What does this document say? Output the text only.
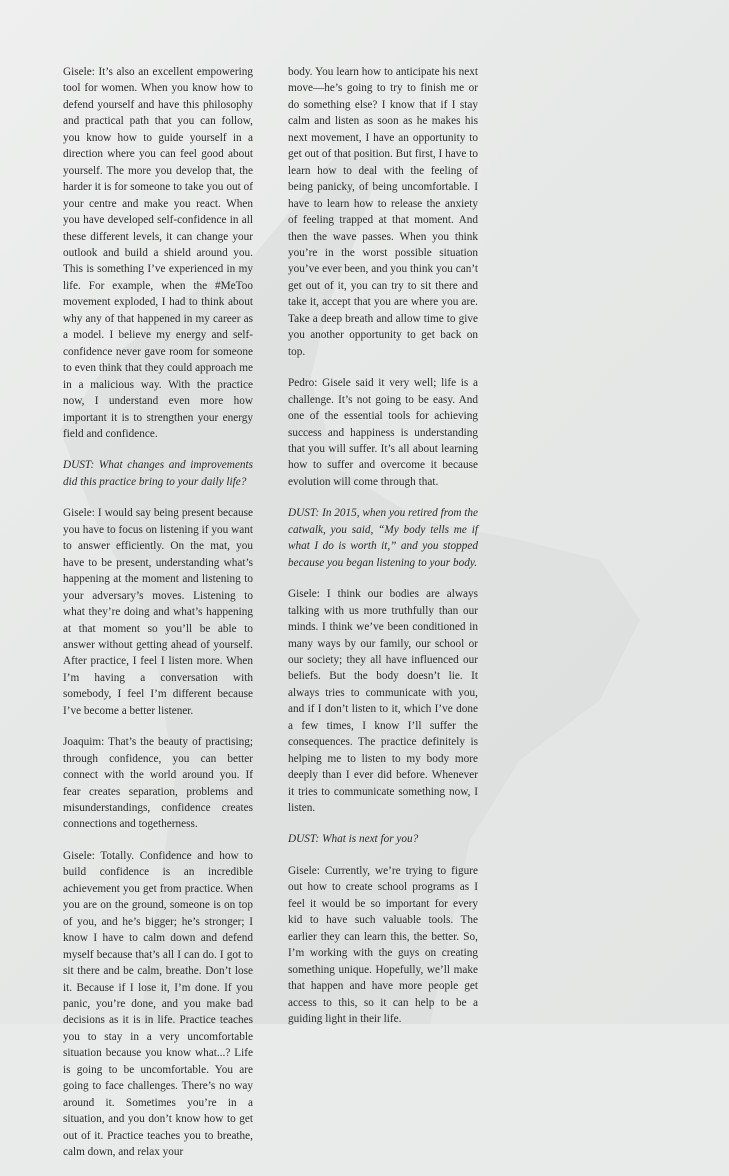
Gisele: It’s also an excellent empowering tool for women. When you know how to defend yourself and have this philosophy and practical path that you can follow, you know how to guide yourself in a direction where you can feel good about yourself. The more you develop that, the harder it is for someone to take you out of your centre and make you react. When you have developed self-confidence in all these different levels, it can change your outlook and build a shield around you. This is something I’ve experienced in my life. For example, when the #MeToo movement exploded, I had to think about why any of that happened in my career as a model. I believe my energy and self-confidence never gave room for someone to even think that they could approach me in a malicious way. With the practice now, I understand even more how important it is to strengthen your energy field and confidence.

DUST: What changes and improvements did this practice bring to your daily life?

Gisele: I would say being present because you have to focus on listening if you want to answer efficiently. On the mat, you have to be present, understanding what’s happening at the moment and listening to your adversary’s moves. Listening to what they’re doing and what’s happening at that moment so you’ll be able to answer without getting ahead of yourself. After practice, I feel I listen more. When I’m having a conversation with somebody, I feel I’m different because I’ve become a better listener.

Joaquim: That’s the beauty of practising; through confidence, you can better connect with the world around you. If fear creates separation, problems and misunderstandings, confidence creates connections and togetherness.

Gisele: Totally. Confidence and how to build confidence is an incredible achievement you get from practice. When you are on the ground, someone is on top of you, and he’s bigger; he’s stronger; I know I have to calm down and defend myself because that’s all I can do. I got to sit there and be calm, breathe. Don’t lose it. Because if I lose it, I’m done. If you panic, you’re done, and you make bad decisions as it is in life. Practice teaches you to stay in a very uncomfortable situation because you know what...? Life is going to be uncomfortable. You are going to face challenges. There’s no way around it. Sometimes you’re in a situation, and you don’t know how to get out of it. Practice teaches you to breathe, calm down, and relax your

body. You learn how to anticipate his next move—he’s going to try to finish me or do something else? I know that if I stay calm and listen as soon as he makes his next movement, I have an opportunity to get out of that position. But first, I have to learn how to deal with the feeling of being panicky, of being uncomfortable. I have to learn how to release the anxiety of feeling trapped at that moment. And then the wave passes. When you think you’re in the worst possible situation you’ve ever been, and you think you can’t get out of it, you can try to sit there and take it, accept that you are where you are. Take a deep breath and allow time to give you another opportunity to get back on top.

Pedro: Gisele said it very well; life is a challenge. It’s not going to be easy. And one of the essential tools for achieving success and happiness is understanding that you will suffer. It’s all about learning how to suffer and overcome it because evolution will come through that.

DUST: In 2015, when you retired from the catwalk, you said, “My body tells me if what I do is worth it,” and you stopped because you began listening to your body.

Gisele: I think our bodies are always talking with us more truthfully than our minds. I think we’ve been conditioned in many ways by our family, our school or our society; they all have influenced our beliefs. But the body doesn’t lie. It always tries to communicate with you, and if I don’t listen to it, which I’ve done a few times, I know I’ll suffer the consequences. The practice definitely is helping me to listen to my body more deeply than I ever did before. Whenever it tries to communicate something now, I listen.

DUST: What is next for you?

Gisele: Currently, we’re trying to figure out how to create school programs as I feel it would be so important for every kid to have such valuable tools. The earlier they can learn this, the better. So, I’m working with the guys on creating something unique. Hopefully, we’ll make that happen and have more people get access to this, so it can help to be a guiding light in their life.
